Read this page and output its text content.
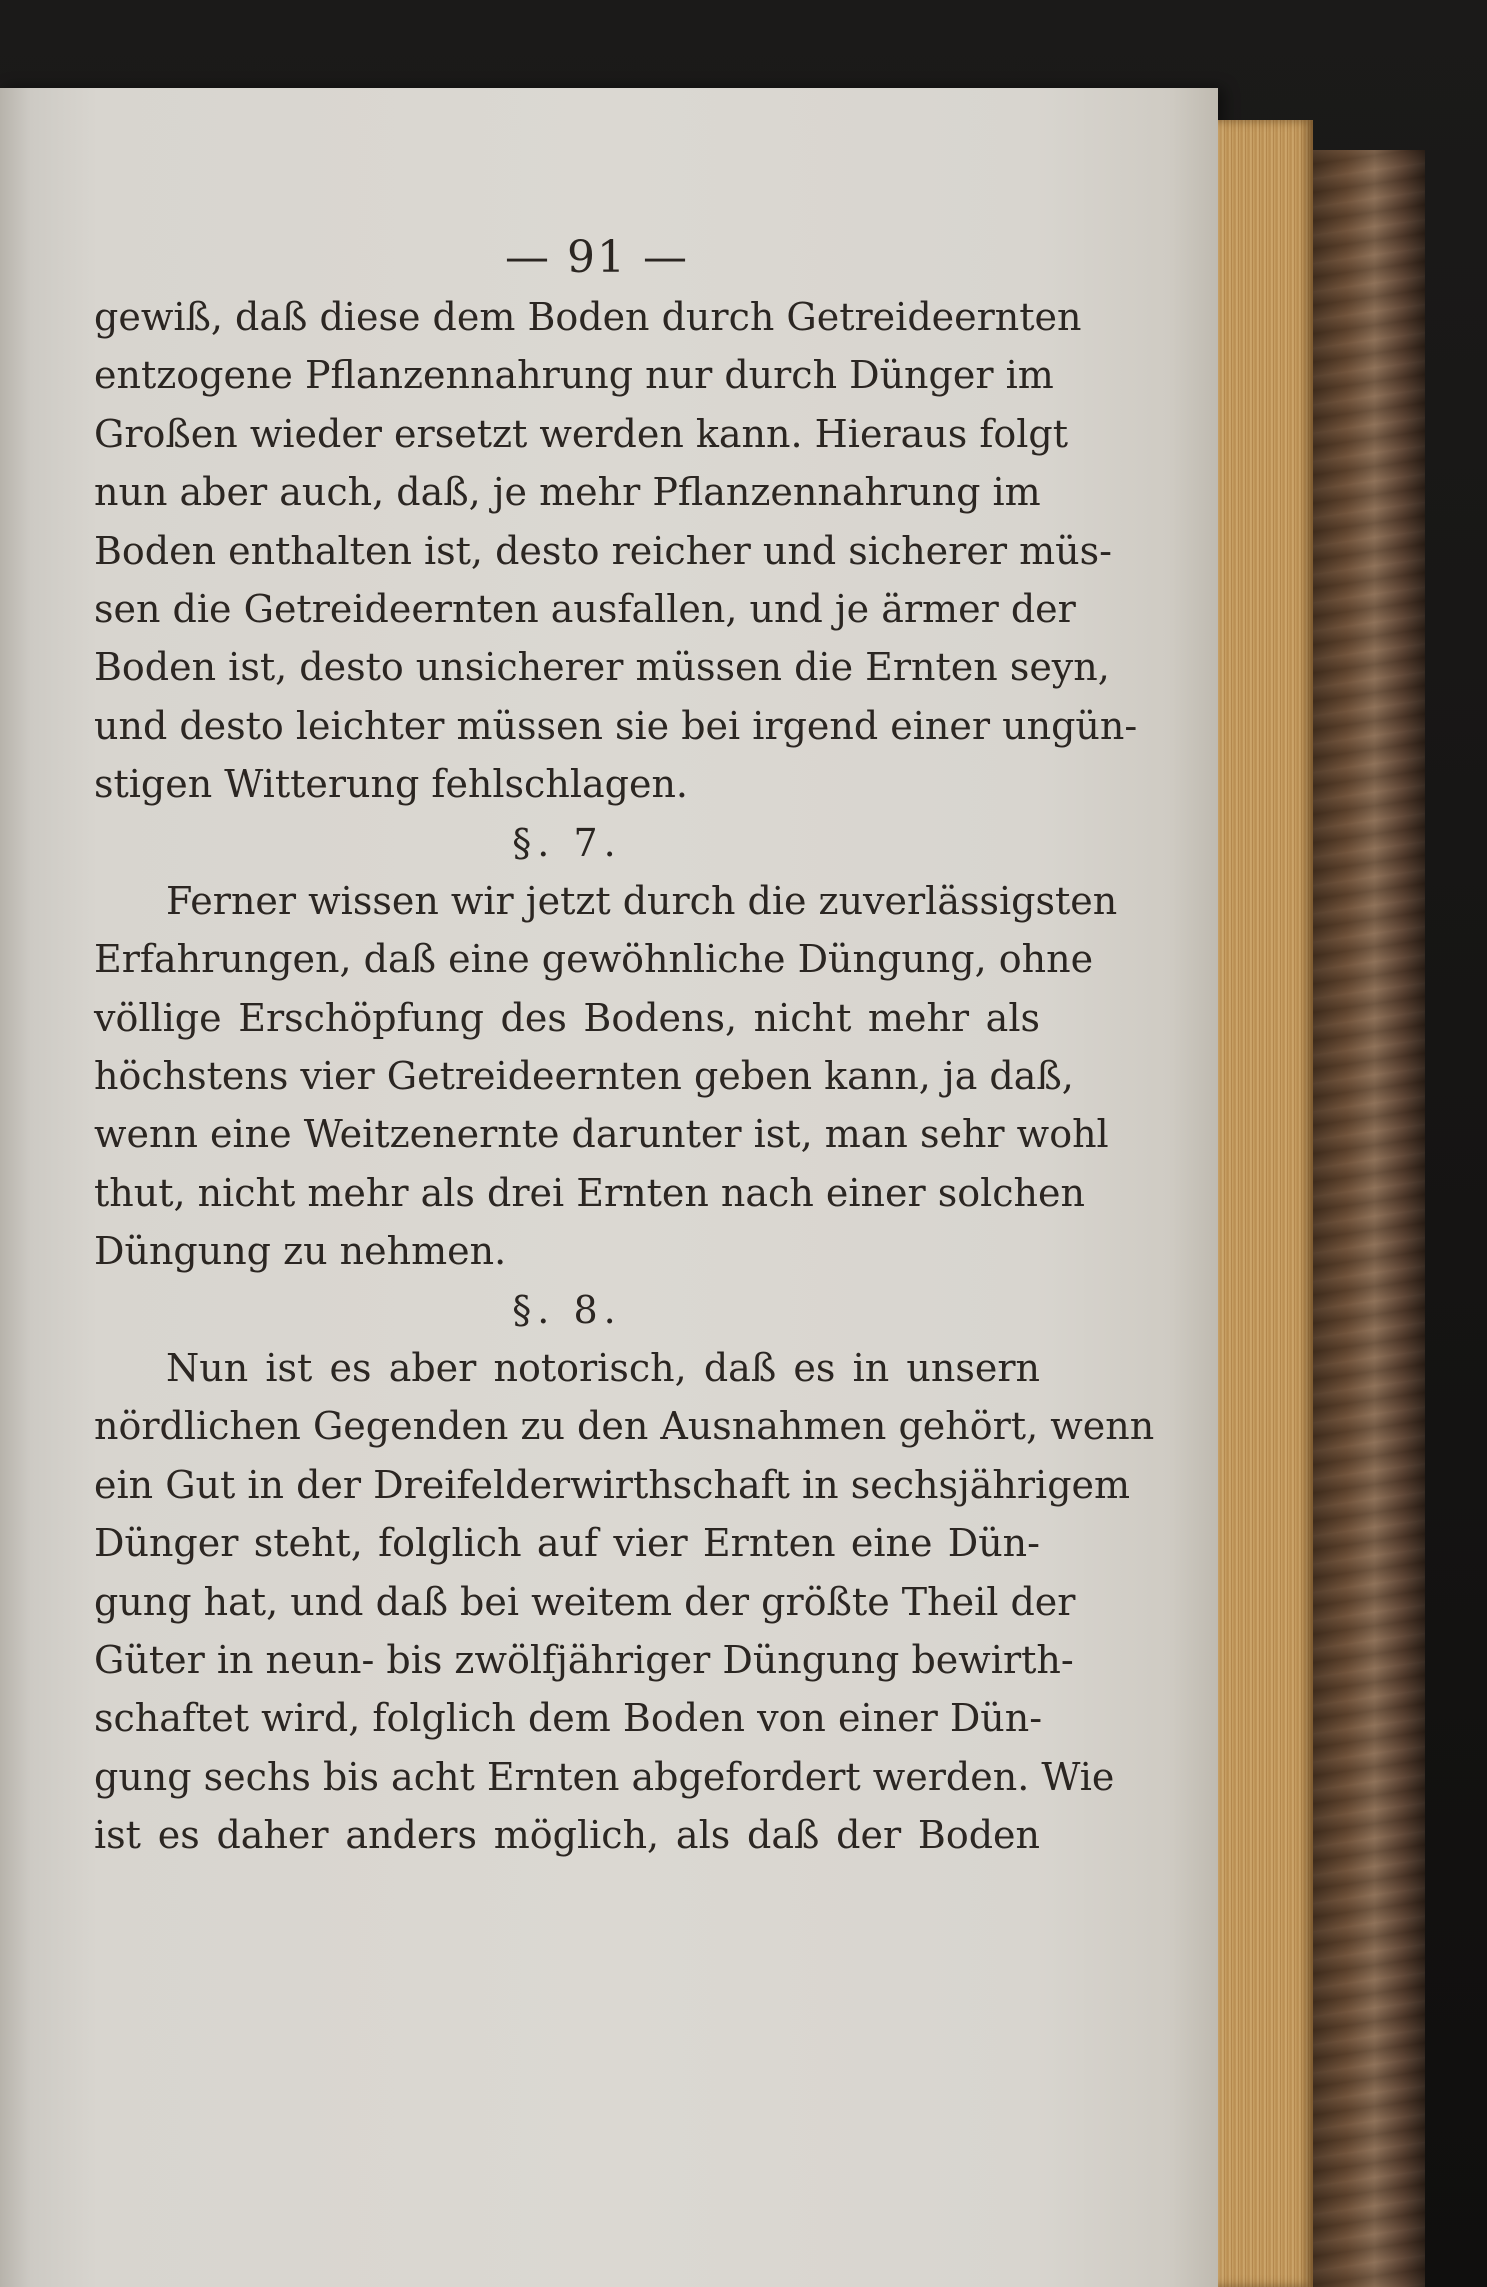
— 91 —
gewiß, daß diese dem Boden durch Getreideernten
entzogene Pflanzennahrung nur durch Dünger im
Großen wieder ersetzt werden kann. Hieraus folgt
nun aber auch, daß, je mehr Pflanzennahrung im
Boden enthalten ist, desto reicher und sicherer müs-
sen die Getreideernten ausfallen, und je ärmer der
Boden ist, desto unsicherer müssen die Ernten seyn,
und desto leichter müssen sie bei irgend einer ungün-
stigen Witterung fehlschlagen.
§. 7.
Ferner wissen wir jetzt durch die zuverlässigsten
Erfahrungen, daß eine gewöhnliche Düngung, ohne
völlige Erschöpfung des Bodens, nicht mehr als
höchstens vier Getreideernten geben kann, ja daß,
wenn eine Weitzenernte darunter ist, man sehr wohl
thut, nicht mehr als drei Ernten nach einer solchen
Düngung zu nehmen.
§. 8.
Nun ist es aber notorisch, daß es in unsern
nördlichen Gegenden zu den Ausnahmen gehört, wenn
ein Gut in der Dreifelderwirthschaft in sechsjährigem
Dünger steht, folglich auf vier Ernten eine Dün-
gung hat, und daß bei weitem der größte Theil der
Güter in neun- bis zwölfjähriger Düngung bewirth-
schaftet wird, folglich dem Boden von einer Dün-
gung sechs bis acht Ernten abgefordert werden. Wie
ist es daher anders möglich, als daß der Boden
